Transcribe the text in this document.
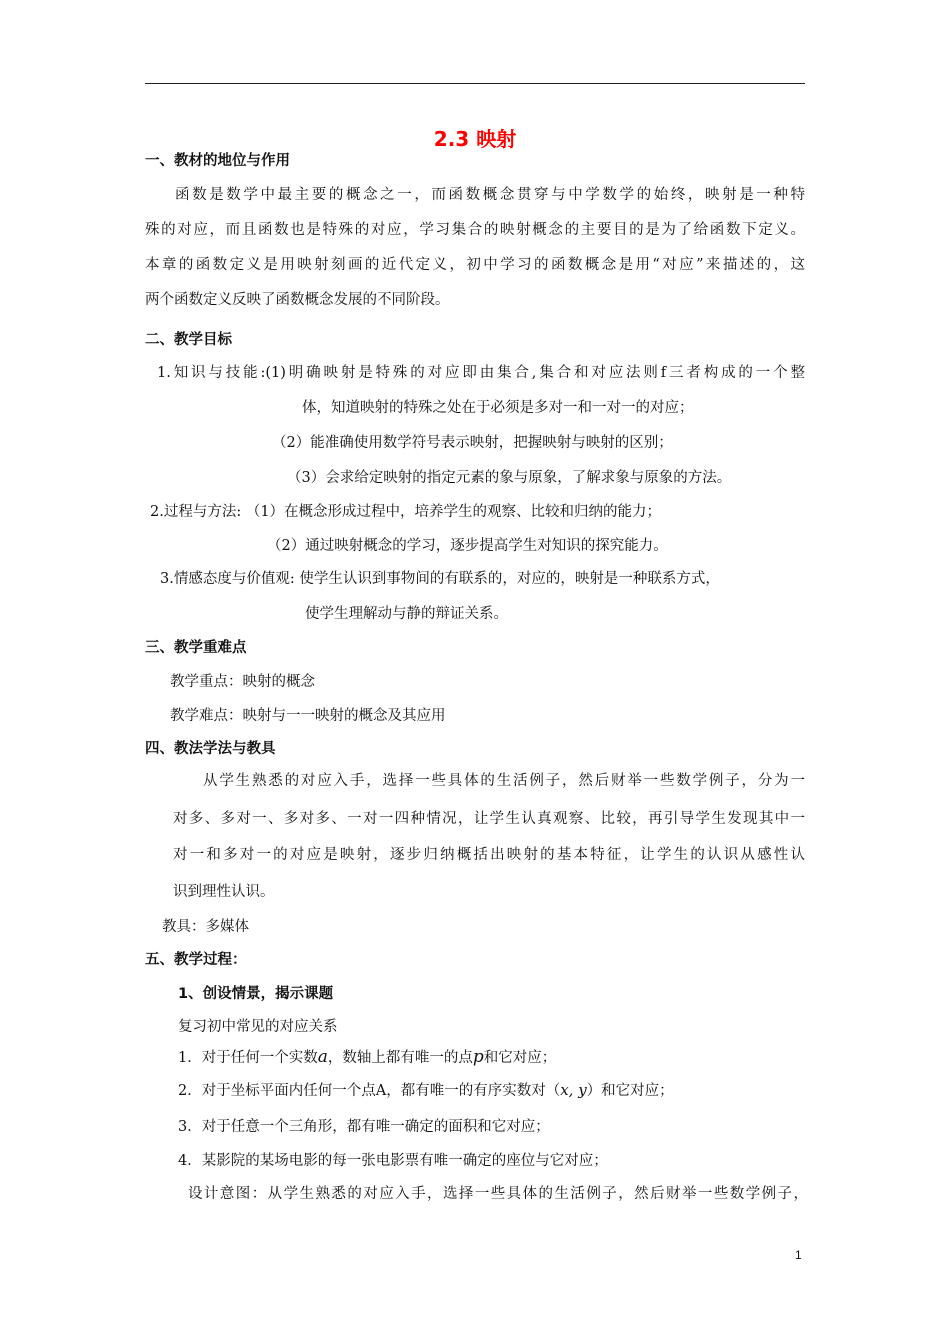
2.3 映射
一、教材的地位与作用
函数是数学中最主要的概念之一，而函数概念贯穿与中学数学的始终，映射是一种特
殊的对应，而且函数也是特殊的对应，学习集合的映射概念的主要目的是为了给函数下定义。
本章的函数定义是用映射刻画的近代定义，初中学习的函数概念是用“对应”来描述的，这
两个函数定义反映了函数概念发展的不同阶段。
二、教学目标
1.知识与技能:(1)明确映射是特殊的对应即由集合,集合和对应法则f三者构成的一个整
体，知道映射的特殊之处在于必须是多对一和一对一的对应；
（2）能准确使用数学符号表示映射，把握映射与映射的区别；
（3）会求给定映射的指定元素的象与原象，了解求象与原象的方法。
2.过程与方法: （1）在概念形成过程中，培养学生的观察、比较和归纳的能力；
（2）通过映射概念的学习，逐步提高学生对知识的探究能力。
3.情感态度与价值观: 使学生认识到事物间的有联系的，对应的，映射是一种联系方式，
使学生理解动与静的辩证关系。
三、教学重难点
教学重点：映射的概念
教学难点：映射与一一映射的概念及其应用
四、教法学法与教具
从学生熟悉的对应入手，选择一些具体的生活例子，然后财举一些数学例子，分为一
对多、多对一、多对多、一对一四种情况，让学生认真观察、比较，再引导学生发现其中一
对一和多对一的对应是映射，逐步归纳概括出映射的基本特征，让学生的认识从感性认
识到理性认识。
教具：多媒体
五、教学过程：
1、创设情景，揭示课题
复习初中常见的对应关系
1．对于任何一个实数a，数轴上都有唯一的点p和它对应；
2．对于坐标平面内任何一个点A，都有唯一的有序实数对（x, y）和它对应；
3．对于任意一个三角形，都有唯一确定的面积和它对应；
4．某影院的某场电影的每一张电影票有唯一确定的座位与它对应；
设计意图：从学生熟悉的对应入手，选择一些具体的生活例子，然后财举一些数学例子，
1
